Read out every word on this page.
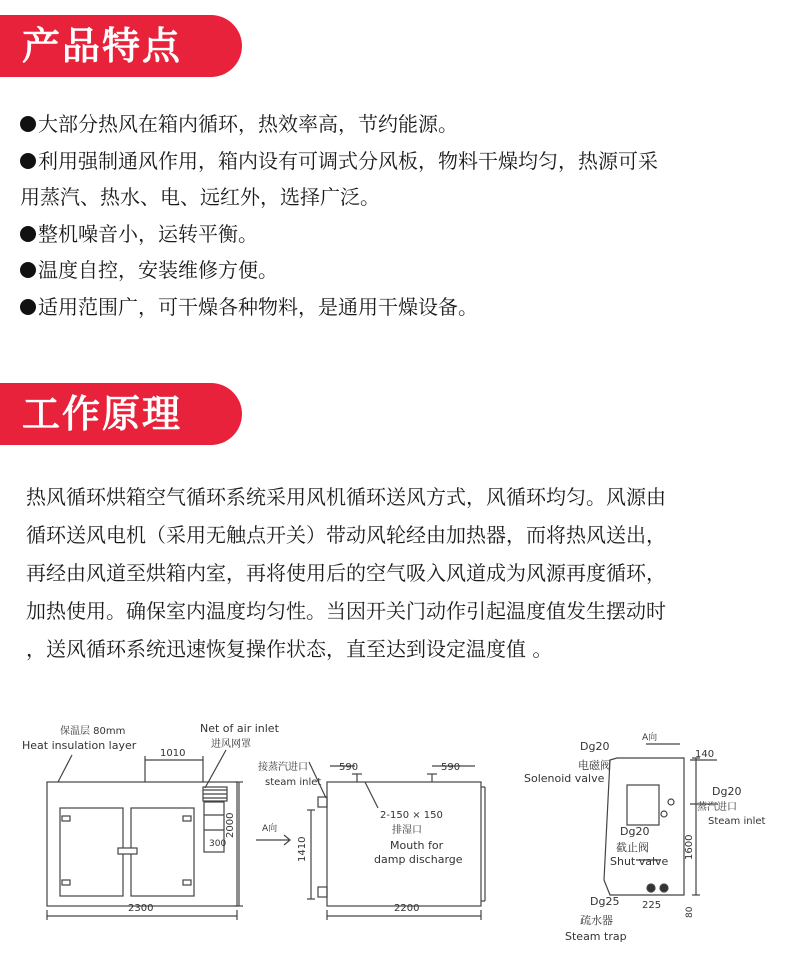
产品特点

大部分热风在箱内循环，热效率高，节约能源。

利用强制通风作用，箱内设有可调式分风板，物料干燥均匀，热源可采

用蒸汽、热水、电、远红外，选择广泛。

整机噪音小，运转平衡。

温度自控，安装维修方便。

适用范围广，可干燥各种物料，是通用干燥设备。

工作原理
热风循环烘箱空气循环系统采用风机循环送风方式，风循环均匀。风源由
循环送风电机（采用无触点开关）带动风轮经由加热器，而将热风送出，
再经由风道至烘箱内室，再将使用后的空气吸入风道成为风源再度循环，
加热使用。确保室内温度均匀性。当因开关门动作引起温度值发生摆动时
，送风循环系统迅速恢复操作状态，直至达到设定温度值 。
保温层 80mm
Heat insulation layer
Net of air inlet
进风网罩
1010
300
2000
2300
A向
接蒸汽进口
steam inlet
590	590
2-150 × 150
排湿口
Mouth for
damp discharge
1410
2200
Dg20
A向
140
电磁阀
Solenoid valve
Dg20
蒸汽进口
Steam inlet
Dg20
截止阀
Shut valve
1600
Dg25 225
疏水器
Steam trap
80
